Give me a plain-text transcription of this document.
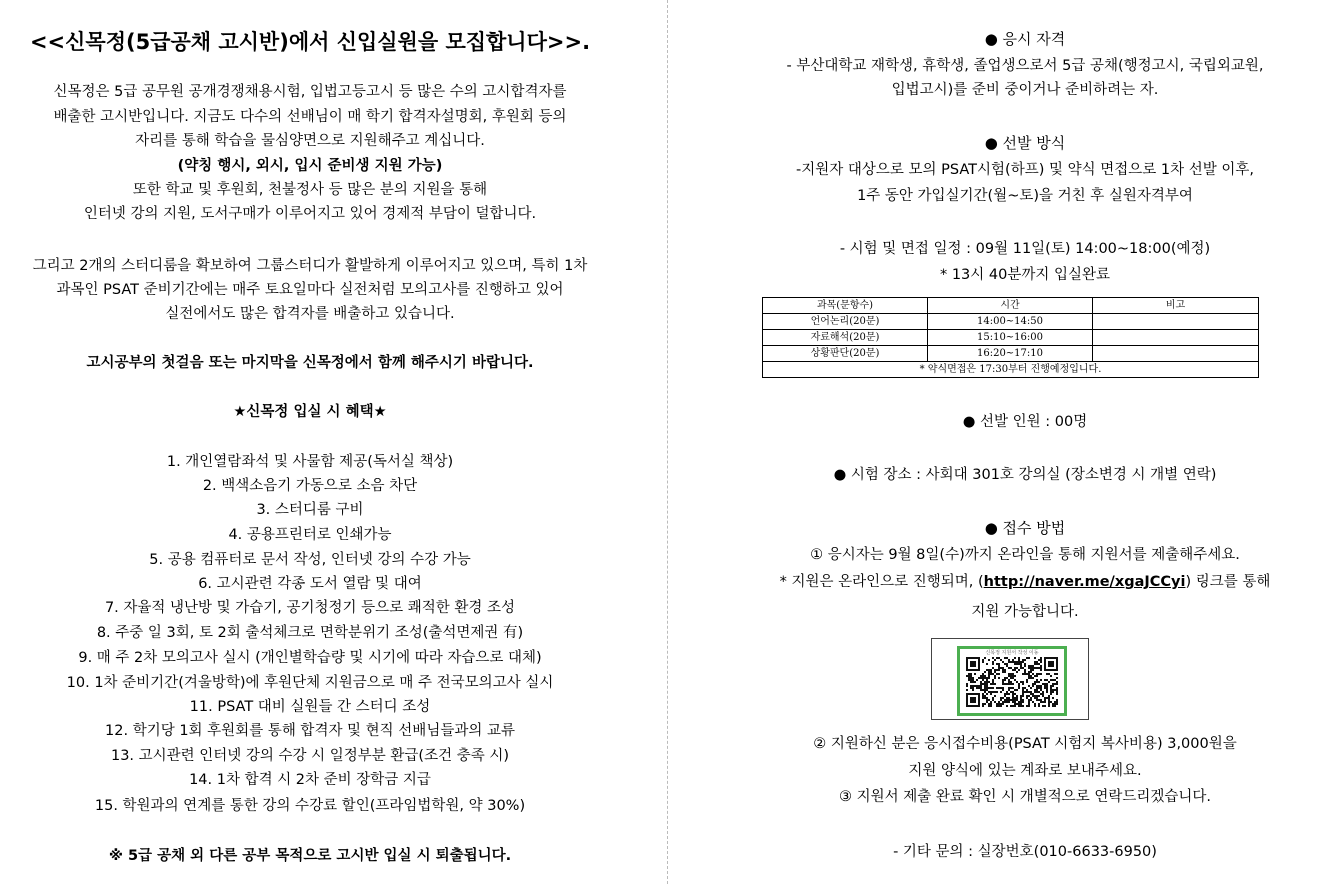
<<신목정(5급공채 고시반)에서 신입실원을 모집합니다>>.
신목정은 5급 공무원 공개경쟁채용시험, 입법고등고시 등 많은 수의 고시합격자를
배출한 고시반입니다. 지금도 다수의 선배님이 매 학기 합격자설명회, 후원회 등의
자리를 통해 학습을 물심양면으로 지원해주고 계십니다.
(약칭 행시, 외시, 입시 준비생 지원 가능)
또한 학교 및 후원회, 천불정사 등 많은 분의 지원을 통해
인터넷 강의 지원, 도서구매가 이루어지고 있어 경제적 부담이 덜합니다.
그리고 2개의 스터디룸을 확보하여 그룹스터디가 활발하게 이루어지고 있으며, 특히 1차
과목인 PSAT 준비기간에는 매주 토요일마다 실전처럼 모의고사를 진행하고 있어
실전에서도 많은 합격자를 배출하고 있습니다.
고시공부의 첫걸음 또는 마지막을 신목정에서 함께 해주시기 바랍니다.
★신목정 입실 시 혜택★
1. 개인열람좌석 및 사물함 제공(독서실 책상)
2. 백색소음기 가동으로 소음 차단
3. 스터디룸 구비
4. 공용프린터로 인쇄가능
5. 공용 컴퓨터로 문서 작성, 인터넷 강의 수강 가능
6. 고시관련 각종 도서 열람 및 대여
7. 자율적 냉난방 및 가습기, 공기청정기 등으로 쾌적한 환경 조성
8. 주중 일 3회, 토 2회 출석체크로 면학분위기 조성(출석면제권 有)
9. 매 주 2차 모의고사 실시 (개인별학습량 및 시기에 따라 자습으로 대체)
10. 1차 준비기간(겨울방학)에 후원단체 지원금으로 매 주 전국모의고사 실시
11. PSAT 대비 실원들 간 스터디 조성
12. 학기당 1회 후원회를 통해 합격자 및 현직 선배님들과의 교류
13. 고시관련 인터넷 강의 수강 시 일정부분 환급(조건 충족 시)
14. 1차 합격 시 2차 준비 장학금 지급
15. 학원과의 연계를 통한 강의 수강료 할인(프라임법학원, 약 30%)
※ 5급 공채 외 다른 공부 목적으로 고시반 입실 시 퇴출됩니다.
● 응시 자격
- 부산대학교 재학생, 휴학생, 졸업생으로서 5급 공채(행정고시, 국립외교원,
입법고시)를 준비 중이거나 준비하려는 자.
● 선발 방식
-지원자 대상으로 모의 PSAT시험(하프) 및 약식 면접으로 1차 선발 이후,
1주 동안 가입실기간(월~토)을 거친 후 실원자격부여
- 시험 및 면접 일정 : 09월 11일(토) 14:00~18:00(예정)
* 13시 40분까지 입실완료
● 선발 인원 : 00명
● 시험 장소 : 사회대 301호 강의실 (장소변경 시 개별 연락)
● 접수 방법
① 응시자는 9월 8일(수)까지 온라인을 통해 지원서를 제출해주세요.
* 지원은 온라인으로 진행되며, (http://naver.me/xgaJCCyi) 링크를 통해
지원 가능합니다.
② 지원하신 분은 응시접수비용(PSAT 시험지 복사비용) 3,000원을
지원 양식에 있는 계좌로 보내주세요.
③ 지원서 제출 완료 확인 시 개별적으로 연락드리겠습니다.
- 기타 문의 : 실장번호(010-6633-6950)
과목(문항수)	시간	비고
언어논리(20문)	14:00~14:50	
자료해석(20문)	15:10~16:00	
상황판단(20문)	16:20~17:10	
* 약식면접은 17:30부터 진행예정입니다.		
신목정 지원서 작성 이동
